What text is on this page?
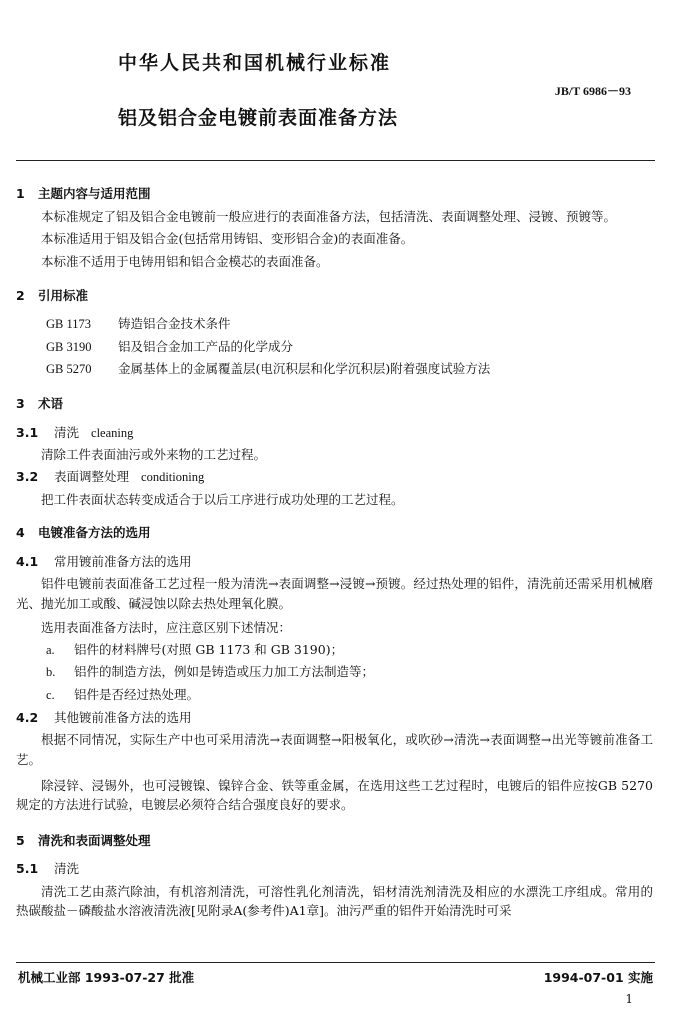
中华人民共和国机械行业标准
JB/T 6986－93
铝及铝合金电镀前表面准备方法
1 主题内容与适用范围
本标准规定了铝及铝合金电镀前一般应进行的表面准备方法，包括清洗、表面调整处理、浸镀、预镀等。
本标准适用于铝及铝合金(包括常用铸铝、变形铝合金)的表面准备。
本标准不适用于电铸用铝和铝合金模芯的表面准备。
2 引用标准
GB 1173 铸造铝合金技术条件
GB 3190 铝及铝合金加工产品的化学成分
GB 5270 金属基体上的金属覆盖层(电沉积层和化学沉积层)附着强度试验方法
3 术语
3.1 清洗 cleaning
清除工件表面油污或外来物的工艺过程。
3.2 表面调整处理 conditioning
把工件表面状态转变成适合于以后工序进行成功处理的工艺过程。
4 电镀准备方法的选用
4.1 常用镀前准备方法的选用
铝件电镀前表面准备工艺过程一般为清洗→表面调整→浸镀→预镀。经过热处理的铝件，清洗前还需采用机械磨光、抛光加工或酸、碱浸蚀以除去热处理氧化膜。
选用表面准备方法时，应注意区别下述情况：
a. 铝件的材料牌号(对照 GB 1173 和 GB 3190)；
b. 铝件的制造方法，例如是铸造或压力加工方法制造等；
c. 铝件是否经过热处理。
4.2 其他镀前准备方法的选用
根据不同情况，实际生产中也可采用清洗→表面调整→阳极氧化，或吹砂→清洗→表面调整→出光等镀前准备工艺。
除浸锌、浸锡外，也可浸镀镍、镍锌合金、铁等重金属，在选用这些工艺过程时，电镀后的铝件应按GB 5270 规定的方法进行试验，电镀层必须符合结合强度良好的要求。
5 清洗和表面调整处理
5.1 清洗
清洗工艺由蒸汽除油，有机溶剂清洗，可溶性乳化剂清洗，铝材清洗剂清洗及相应的水漂洗工序组成。常用的热碳酸盐－磷酸盐水溶液清洗液[见附录A(参考件)A1章]。油污严重的铝件开始清洗时可采
机械工业部 1993-07-27 批准	1994-07-01 实施
1
